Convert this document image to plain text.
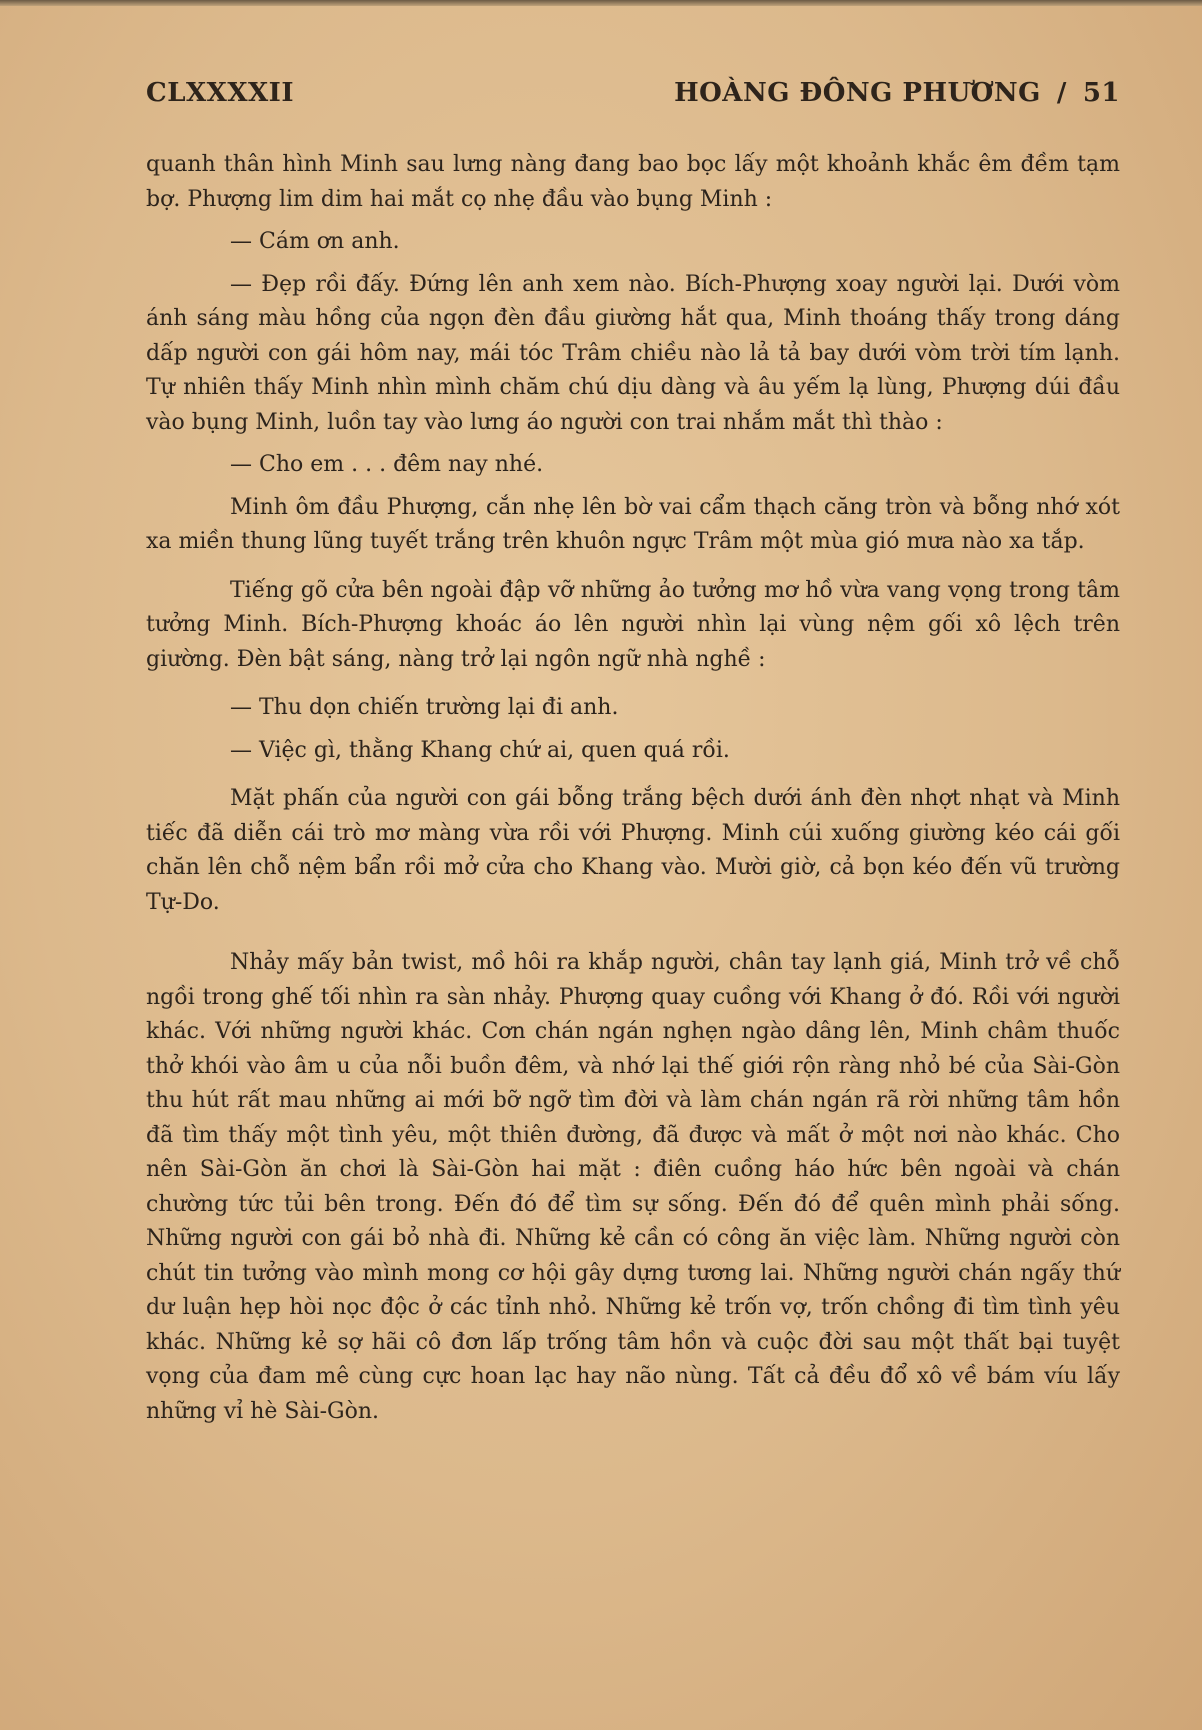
CLXXXXII	HOÀNG ĐÔNG PHƯƠNG / 51

quanh thân hình Minh sau lưng nàng đang bao bọc lấy một khoảnh khắc êm đềm tạm bợ. Phượng lim dim hai mắt cọ nhẹ đầu vào bụng Minh :

— Cám ơn anh.

— Đẹp rồi đấy. Đứng lên anh xem nào. Bích-Phượng xoay người lại. Dưới vòm ánh sáng màu hồng của ngọn đèn đầu giường hắt qua, Minh thoáng thấy trong dáng dấp người con gái hôm nay, mái tóc Trâm chiều nào lả tả bay dưới vòm trời tím lạnh. Tự nhiên thấy Minh nhìn mình chăm chú dịu dàng và âu yếm lạ lùng, Phượng dúi đầu vào bụng Minh, luồn tay vào lưng áo người con trai nhắm mắt thì thào :

— Cho em . . . đêm nay nhé.

Minh ôm đầu Phượng, cắn nhẹ lên bờ vai cẩm thạch căng tròn và bỗng nhớ xót xa miền thung lũng tuyết trắng trên khuôn ngực Trâm một mùa gió mưa nào xa tắp.

Tiếng gõ cửa bên ngoài đập vỡ những ảo tưởng mơ hồ vừa vang vọng trong tâm tưởng Minh. Bích-Phượng khoác áo lên người nhìn lại vùng nệm gối xô lệch trên giường. Đèn bật sáng, nàng trở lại ngôn ngữ nhà nghề :

— Thu dọn chiến trường lại đi anh.

— Việc gì, thằng Khang chứ ai, quen quá rồi.

Mặt phấn của người con gái bỗng trắng bệch dưới ánh đèn nhợt nhạt và Minh tiếc đã diễn cái trò mơ màng vừa rồi với Phượng. Minh cúi xuống giường kéo cái gối chăn lên chỗ nệm bẩn rồi mở cửa cho Khang vào. Mười giờ, cả bọn kéo đến vũ trường Tự-Do.

Nhảy mấy bản twist, mồ hôi ra khắp người, chân tay lạnh giá, Minh trở về chỗ ngồi trong ghế tối nhìn ra sàn nhảy. Phượng quay cuồng với Khang ở đó. Rồi với người khác. Với những người khác. Cơn chán ngán nghẹn ngào dâng lên, Minh châm thuốc thở khói vào âm u của nỗi buồn đêm, và nhớ lại thế giới rộn ràng nhỏ bé của Sài-Gòn thu hút rất mau những ai mới bỡ ngỡ tìm đời và làm chán ngán rã rời những tâm hồn đã tìm thấy một tình yêu, một thiên đường, đã được và mất ở một nơi nào khác. Cho nên Sài-Gòn ăn chơi là Sài-Gòn hai mặt : điên cuồng háo hức bên ngoài và chán chường tức tủi bên trong. Đến đó để tìm sự sống. Đến đó để quên mình phải sống. Những người con gái bỏ nhà đi. Những kẻ cần có công ăn việc làm. Những người còn chút tin tưởng vào mình mong cơ hội gây dựng tương lai. Những người chán ngấy thứ dư luận hẹp hòi nọc độc ở các tỉnh nhỏ. Những kẻ trốn vợ, trốn chồng đi tìm tình yêu khác. Những kẻ sợ hãi cô đơn lấp trống tâm hồn và cuộc đời sau một thất bại tuyệt vọng của đam mê cùng cực hoan lạc hay não nùng. Tất cả đều đổ xô về bám víu lấy những vỉ hè Sài-Gòn.
